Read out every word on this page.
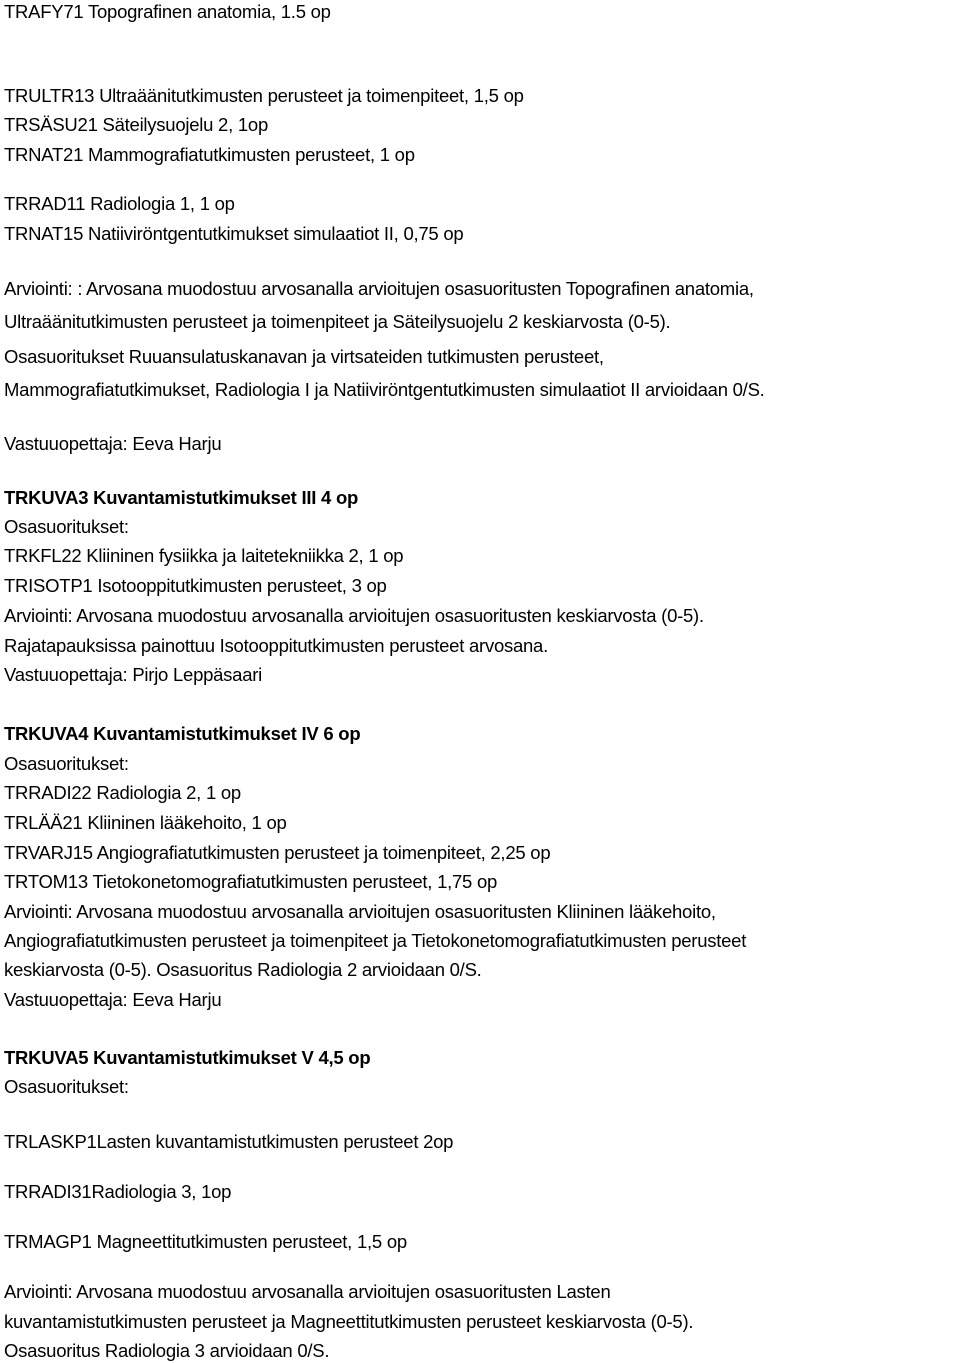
TRAFY71 Topografinen anatomia, 1.5 op
TRULTR13 Ultraäänitutkimusten perusteet ja toimenpiteet, 1,5 op
TRSÄSU21 Säteilysuojelu 2, 1op
TRNAT21 Mammografiatutkimusten perusteet, 1 op
TRRAD11 Radiologia 1, 1 op
TRNAT15 Natiiviröntgentutkimukset simulaatiot II, 0,75 op
Arviointi: : Arvosana muodostuu arvosanalla arvioitujen osasuoritusten Topografinen anatomia,
Ultraäänitutkimusten perusteet ja toimenpiteet ja Säteilysuojelu 2 keskiarvosta (0-5).
Osasuoritukset Ruuansulatuskanavan ja virtsateiden tutkimusten perusteet,
Mammografiatutkimukset, Radiologia I ja Natiiviröntgentutkimusten simulaatiot II arvioidaan 0/S.
Vastuuopettaja: Eeva Harju
TRKUVA3 Kuvantamistutkimukset III 4 op
Osasuoritukset:
TRKFL22 Kliininen fysiikka ja laitetekniikka 2, 1 op
TRISOTP1 Isotooppitutkimusten perusteet, 3 op
Arviointi: Arvosana muodostuu arvosanalla arvioitujen osasuoritusten keskiarvosta (0-5).
Rajatapauksissa painottuu Isotooppitutkimusten perusteet arvosana.
Vastuuopettaja: Pirjo Leppäsaari
TRKUVA4 Kuvantamistutkimukset IV 6 op
Osasuoritukset:
TRRADI22 Radiologia 2, 1 op
TRLÄÄ21 Kliininen lääkehoito, 1 op
TRVARJ15 Angiografiatutkimusten perusteet ja toimenpiteet, 2,25 op
TRTOM13 Tietokonetomografiatutkimusten perusteet, 1,75 op
Arviointi: Arvosana muodostuu arvosanalla arvioitujen osasuoritusten Kliininen lääkehoito,
Angiografiatutkimusten perusteet ja toimenpiteet ja Tietokonetomografiatutkimusten perusteet
keskiarvosta (0-5). Osasuoritus Radiologia 2 arvioidaan 0/S.
Vastuuopettaja: Eeva Harju
TRKUVA5 Kuvantamistutkimukset V 4,5 op
Osasuoritukset:
TRLASKP1Lasten kuvantamistutkimusten perusteet 2op
TRRADI31Radiologia 3, 1op
TRMAGP1 Magneettitutkimusten perusteet, 1,5 op
Arviointi: Arvosana muodostuu arvosanalla arvioitujen osasuoritusten Lasten
kuvantamistutkimusten perusteet ja Magneettitutkimusten perusteet keskiarvosta (0-5).
Osasuoritus Radiologia 3 arvioidaan 0/S.
